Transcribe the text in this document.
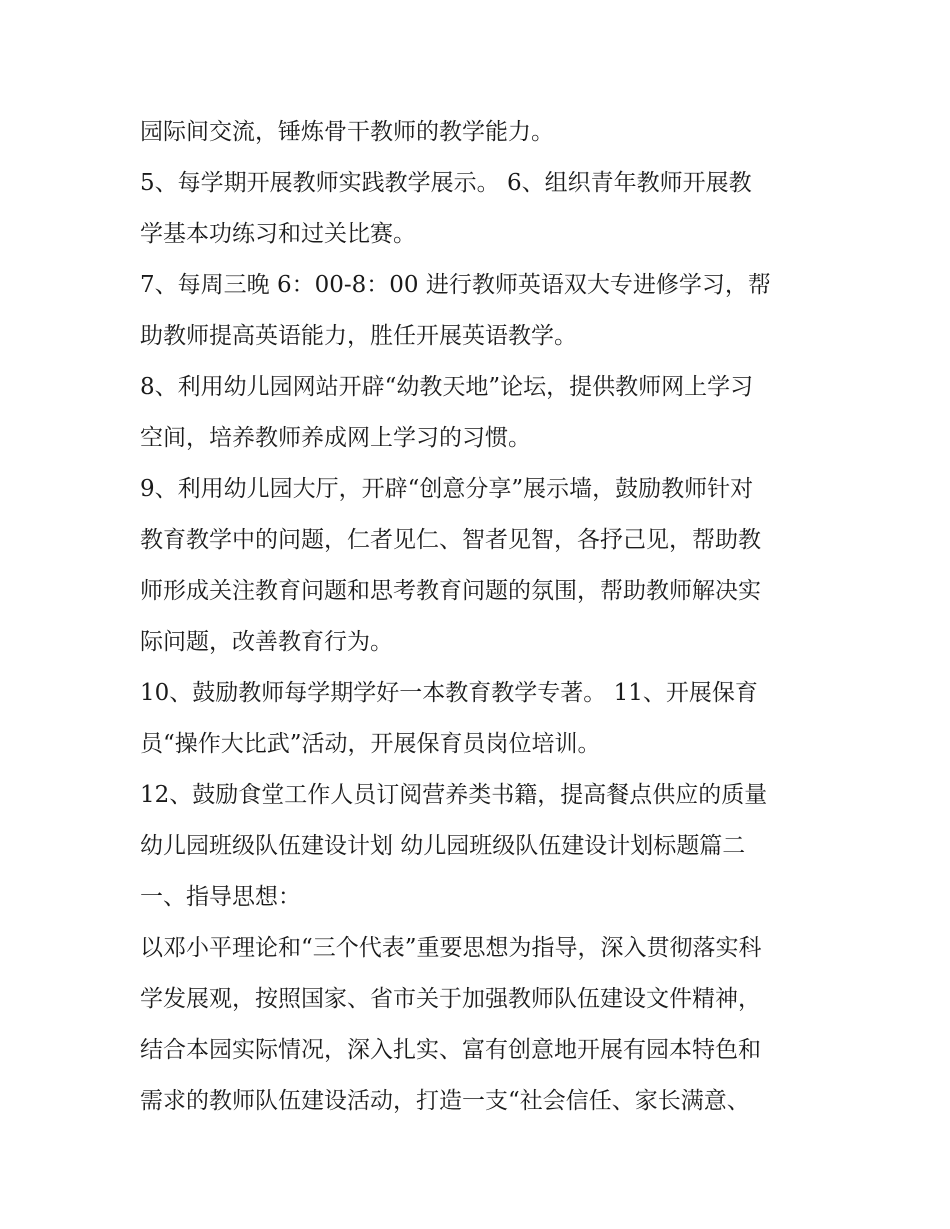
园际间交流，锤炼骨干教师的教学能力。
5、每学期开展教师实践教学展示。 6、组织青年教师开展教
学基本功练习和过关比赛。
7、每周三晚 6：00-8：00 进行教师英语双大专进修学习，帮
助教师提高英语能力，胜任开展英语教学。
8、利用幼儿园网站开辟“幼教天地”论坛，提供教师网上学习
空间，培养教师养成网上学习的习惯。
9、利用幼儿园大厅，开辟“创意分享”展示墙，鼓励教师针对
教育教学中的问题，仁者见仁、智者见智，各抒己见，帮助教
师形成关注教育问题和思考教育问题的氛围，帮助教师解决实
际问题，改善教育行为。
10、鼓励教师每学期学好一本教育教学专著。 11、开展保育
员“操作大比武”活动，开展保育员岗位培训。
12、鼓励食堂工作人员订阅营养类书籍，提高餐点供应的质量
幼儿园班级队伍建设计划 幼儿园班级队伍建设计划标题篇二
一、指导思想：
以邓小平理论和“三个代表”重要思想为指导，深入贯彻落实科
学发展观，按照国家、省市关于加强教师队伍建设文件精神，
结合本园实际情况，深入扎实、富有创意地开展有园本特色和
需求的教师队伍建设活动，打造一支“社会信任、家长满意、
